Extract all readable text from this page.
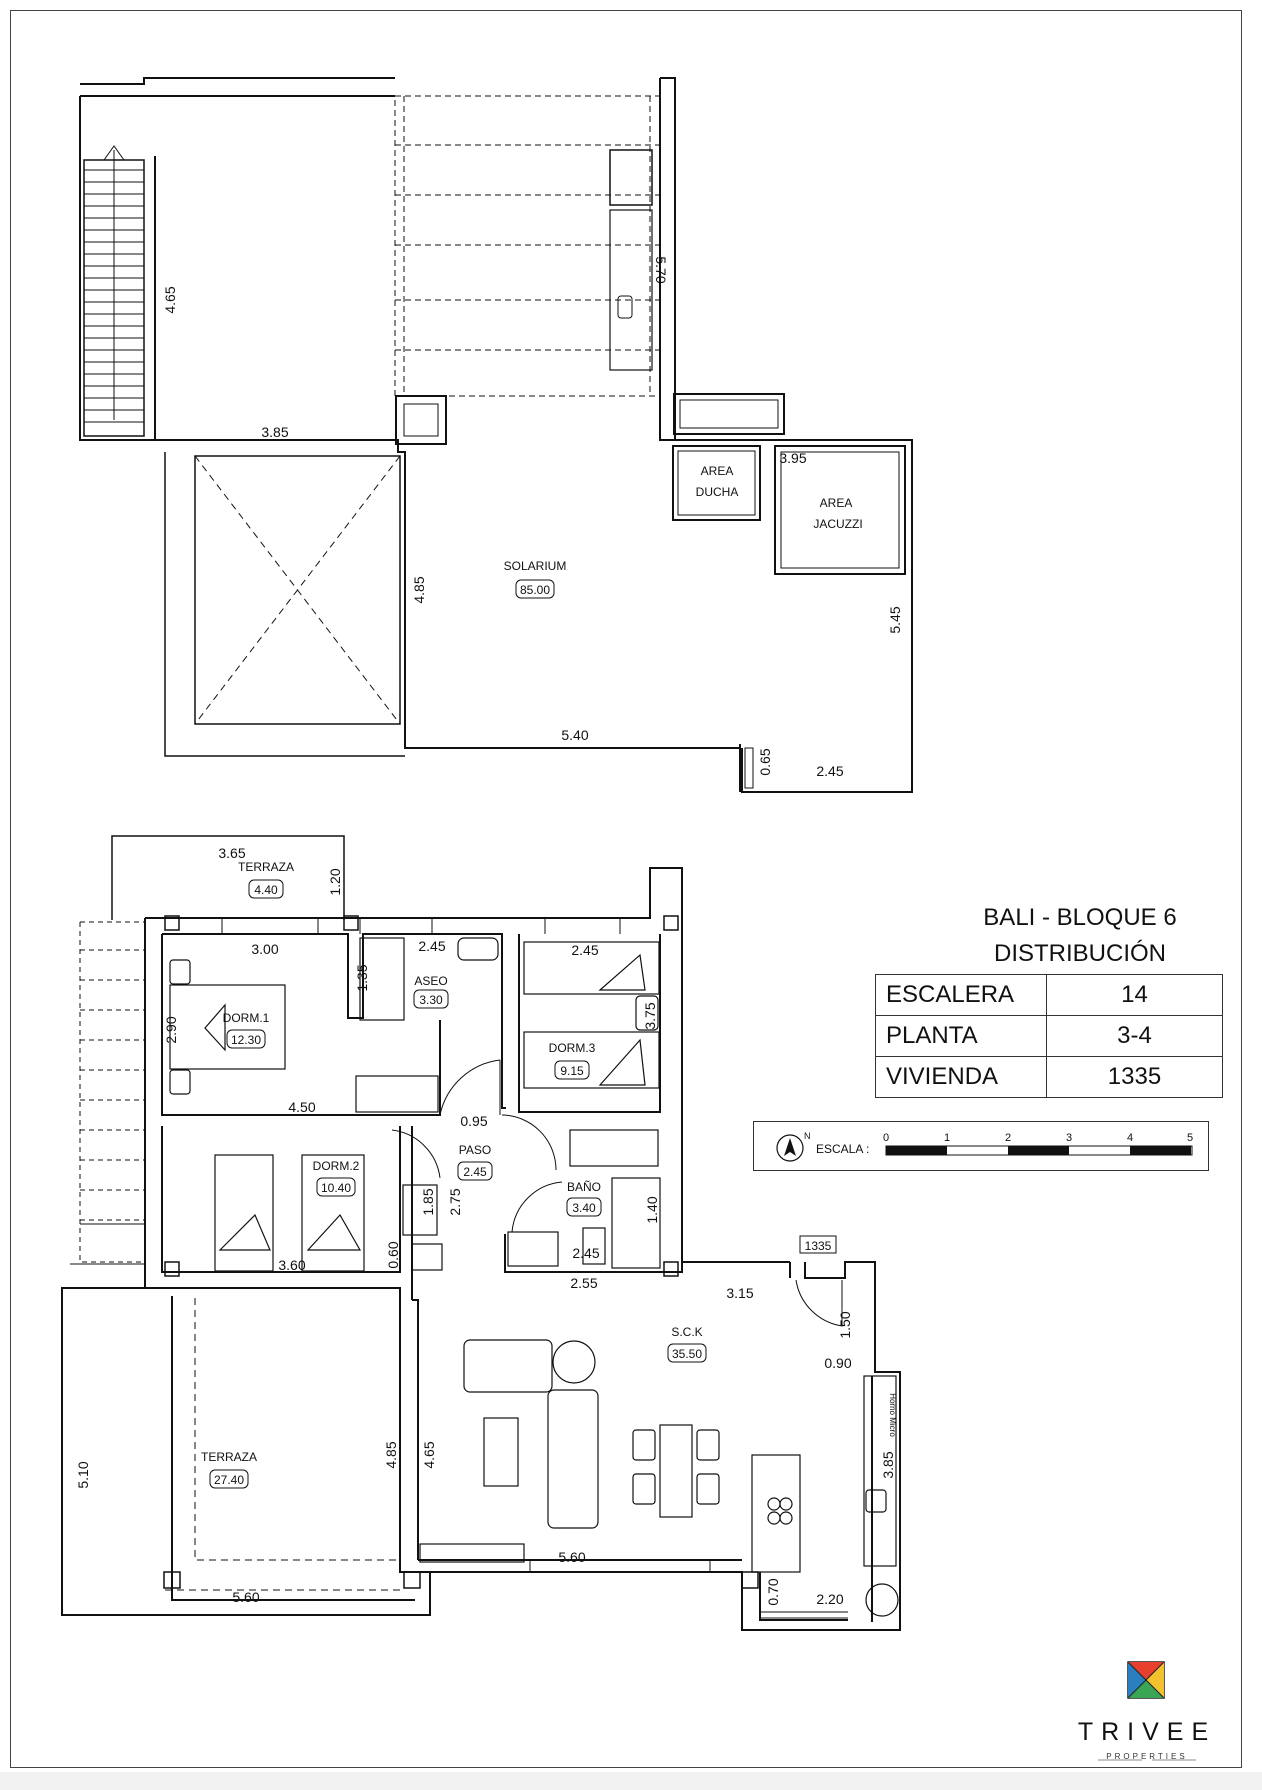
4.65
3.85
5.70
3.95
4.85
5.45
5.40
0.65	2.45
SOLARIUM
85.00
AREA
DUCHA
AREA
JACUZZI
3.65
1.20
3.00	2.45
1.35
2.45
2.90
3.75
4.50
0.95
2.75
1.85	1.40
0.60
3.60
2.45
2.55
3.15
1.50
0.90
5.10
4.85 4.65	3.85
5.60
0.70	2.20
5.60
TERRAZA
4.40
ASEO
3.30
DORM.1
12.30
DORM.3
9.15
PASO
2.45
DORM.2
10.40	BAÑO
3.40
S.C.K
35.50
TERRAZA
27.40
1335
Horno Micro
N
ESCALA :
0	1	2	3	4	5
BALI - BLOQUE 6
DISTRIBUCIÓN
ESCALERA	14
PLANTA	3-4
VIVIENDA	1335
TRIVEE
PROPERTIES
